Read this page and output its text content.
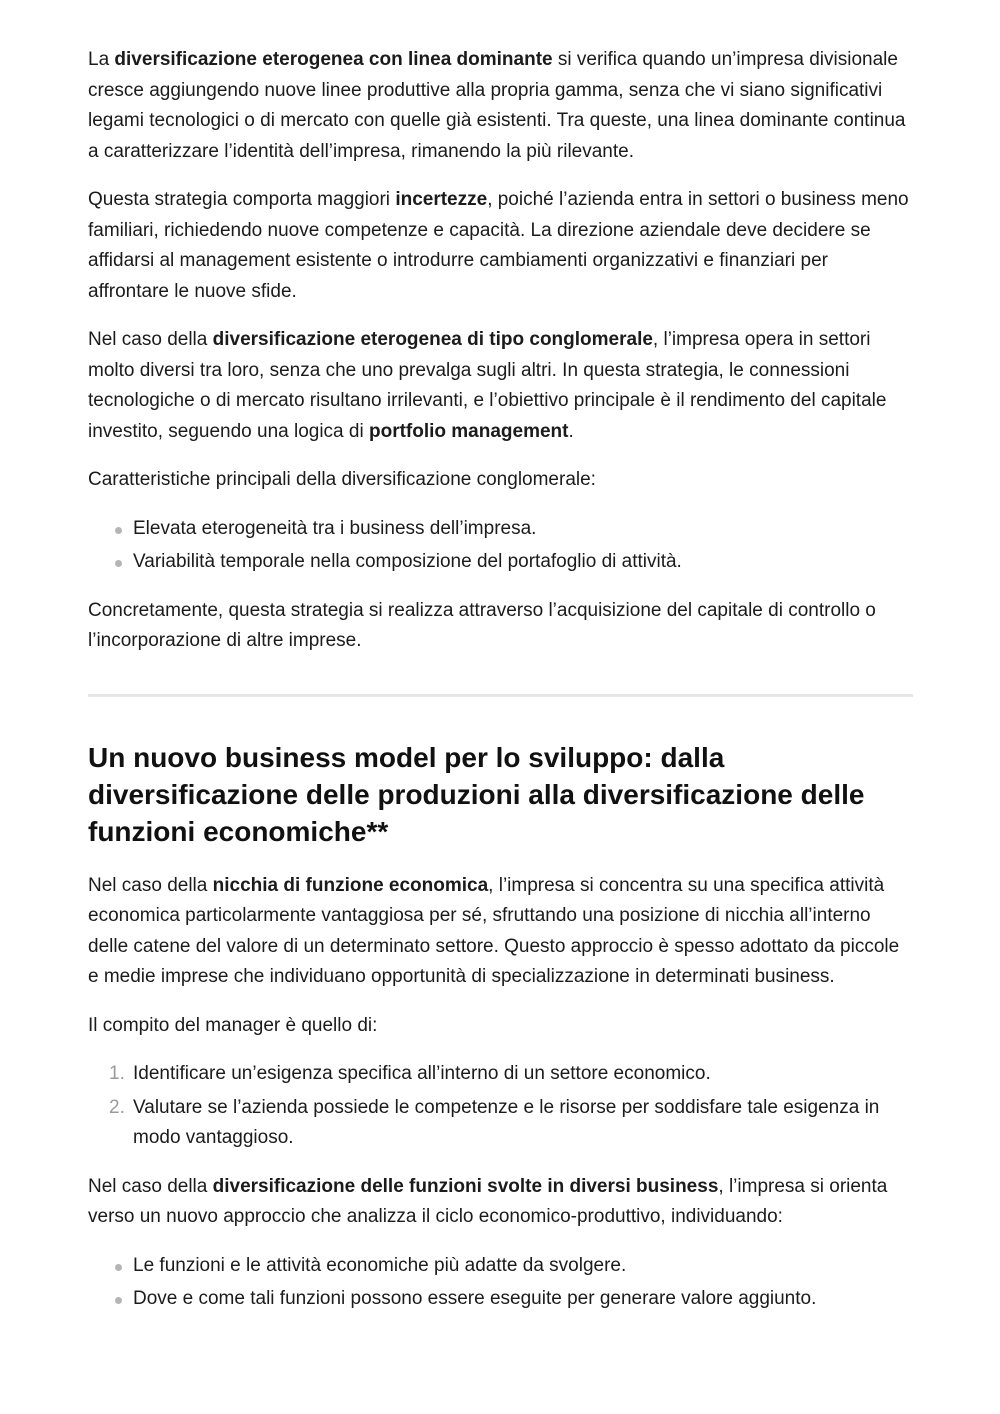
La diversificazione eterogenea con linea dominante si verifica quando un’impresa divisionale cresce aggiungendo nuove linee produttive alla propria gamma, senza che vi siano significativi legami tecnologici o di mercato con quelle già esistenti. Tra queste, una linea dominante continua a caratterizzare l’identità dell’impresa, rimanendo la più rilevante.

Questa strategia comporta maggiori incertezze, poiché l’azienda entra in settori o business meno familiari, richiedendo nuove competenze e capacità. La direzione aziendale deve decidere se affidarsi al management esistente o introdurre cambiamenti organizzativi e finanziari per affrontare le nuove sfide.

Nel caso della diversificazione eterogenea di tipo conglomerale, l’impresa opera in settori molto diversi tra loro, senza che uno prevalga sugli altri. In questa strategia, le connessioni tecnologiche o di mercato risultano irrilevanti, e l’obiettivo principale è il rendimento del capitale investito, seguendo una logica di portfolio management.

Caratteristiche principali della diversificazione conglomerale:

Elevata eterogeneità tra i business dell’impresa.
Variabilità temporale nella composizione del portafoglio di attività.

Concretamente, questa strategia si realizza attraverso l’acquisizione del capitale di controllo o l’incorporazione di altre imprese.

Un nuovo business model per lo sviluppo: dalla diversificazione delle produzioni alla diversificazione delle funzioni economiche**

Nel caso della nicchia di funzione economica, l’impresa si concentra su una specifica attività economica particolarmente vantaggiosa per sé, sfruttando una posizione di nicchia all’interno delle catene del valore di un determinato settore. Questo approccio è spesso adottato da piccole e medie imprese che individuano opportunità di specializzazione in determinati business.

Il compito del manager è quello di:

1. Identificare un’esigenza specifica all’interno di un settore economico.
2. Valutare se l’azienda possiede le competenze e le risorse per soddisfare tale esigenza in modo vantaggioso.

Nel caso della diversificazione delle funzioni svolte in diversi business, l’impresa si orienta verso un nuovo approccio che analizza il ciclo economico-produttivo, individuando:

Le funzioni e le attività economiche più adatte da svolgere.
Dove e come tali funzioni possono essere eseguite per generare valore aggiunto.
